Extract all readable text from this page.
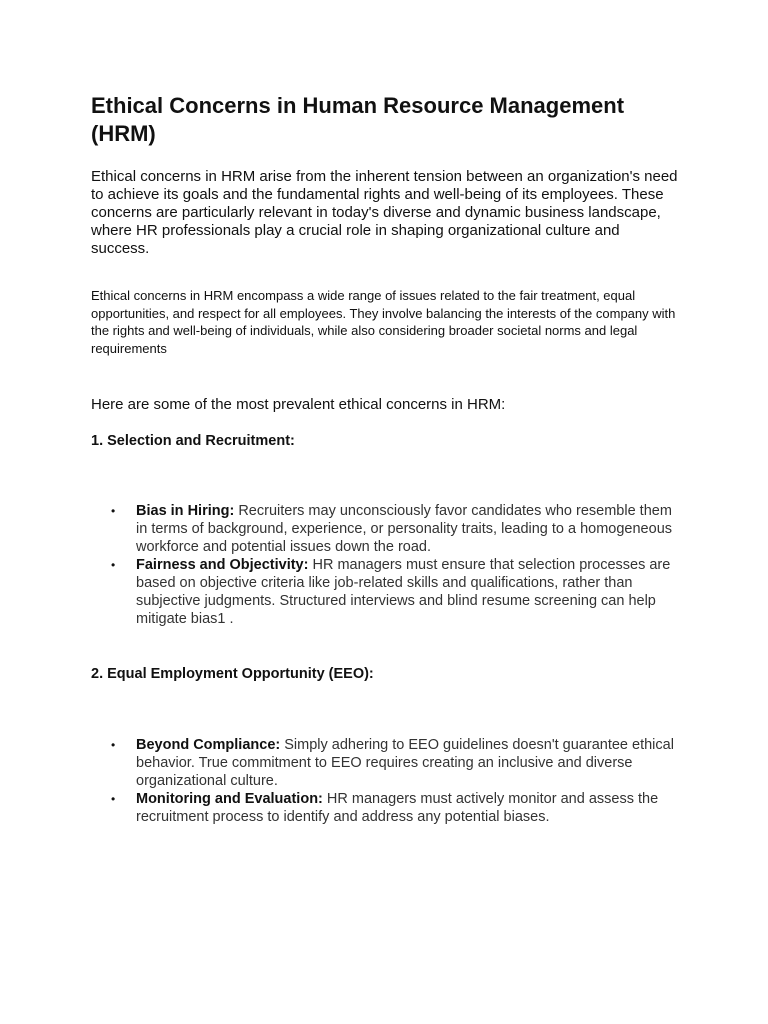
Ethical Concerns in Human Resource Management (HRM)

Ethical concerns in HRM arise from the inherent tension between an organization's need to achieve its goals and the fundamental rights and well-being of its employees. These concerns are particularly relevant in today's diverse and dynamic business landscape, where HR professionals play a crucial role in shaping organizational culture and success.

Ethical concerns in HRM encompass a wide range of issues related to the fair treatment, equal opportunities, and respect for all employees. They involve balancing the interests of the company with the rights and well-being of individuals, while also considering broader societal norms and legal requirements

Here are some of the most prevalent ethical concerns in HRM:

1. Selection and Recruitment:
• Bias in Hiring: Recruiters may unconsciously favor candidates who resemble them in terms of background, experience, or personality traits, leading to a homogeneous workforce and potential issues down the road.
• Fairness and Objectivity: HR managers must ensure that selection processes are based on objective criteria like job-related skills and qualifications, rather than subjective judgments. Structured interviews and blind resume screening can help mitigate bias1 .
2. Equal Employment Opportunity (EEO):
• Beyond Compliance: Simply adhering to EEO guidelines doesn't guarantee ethical behavior. True commitment to EEO requires creating an inclusive and diverse organizational culture.
• Monitoring and Evaluation: HR managers must actively monitor and assess the recruitment process to identify and address any potential biases.
